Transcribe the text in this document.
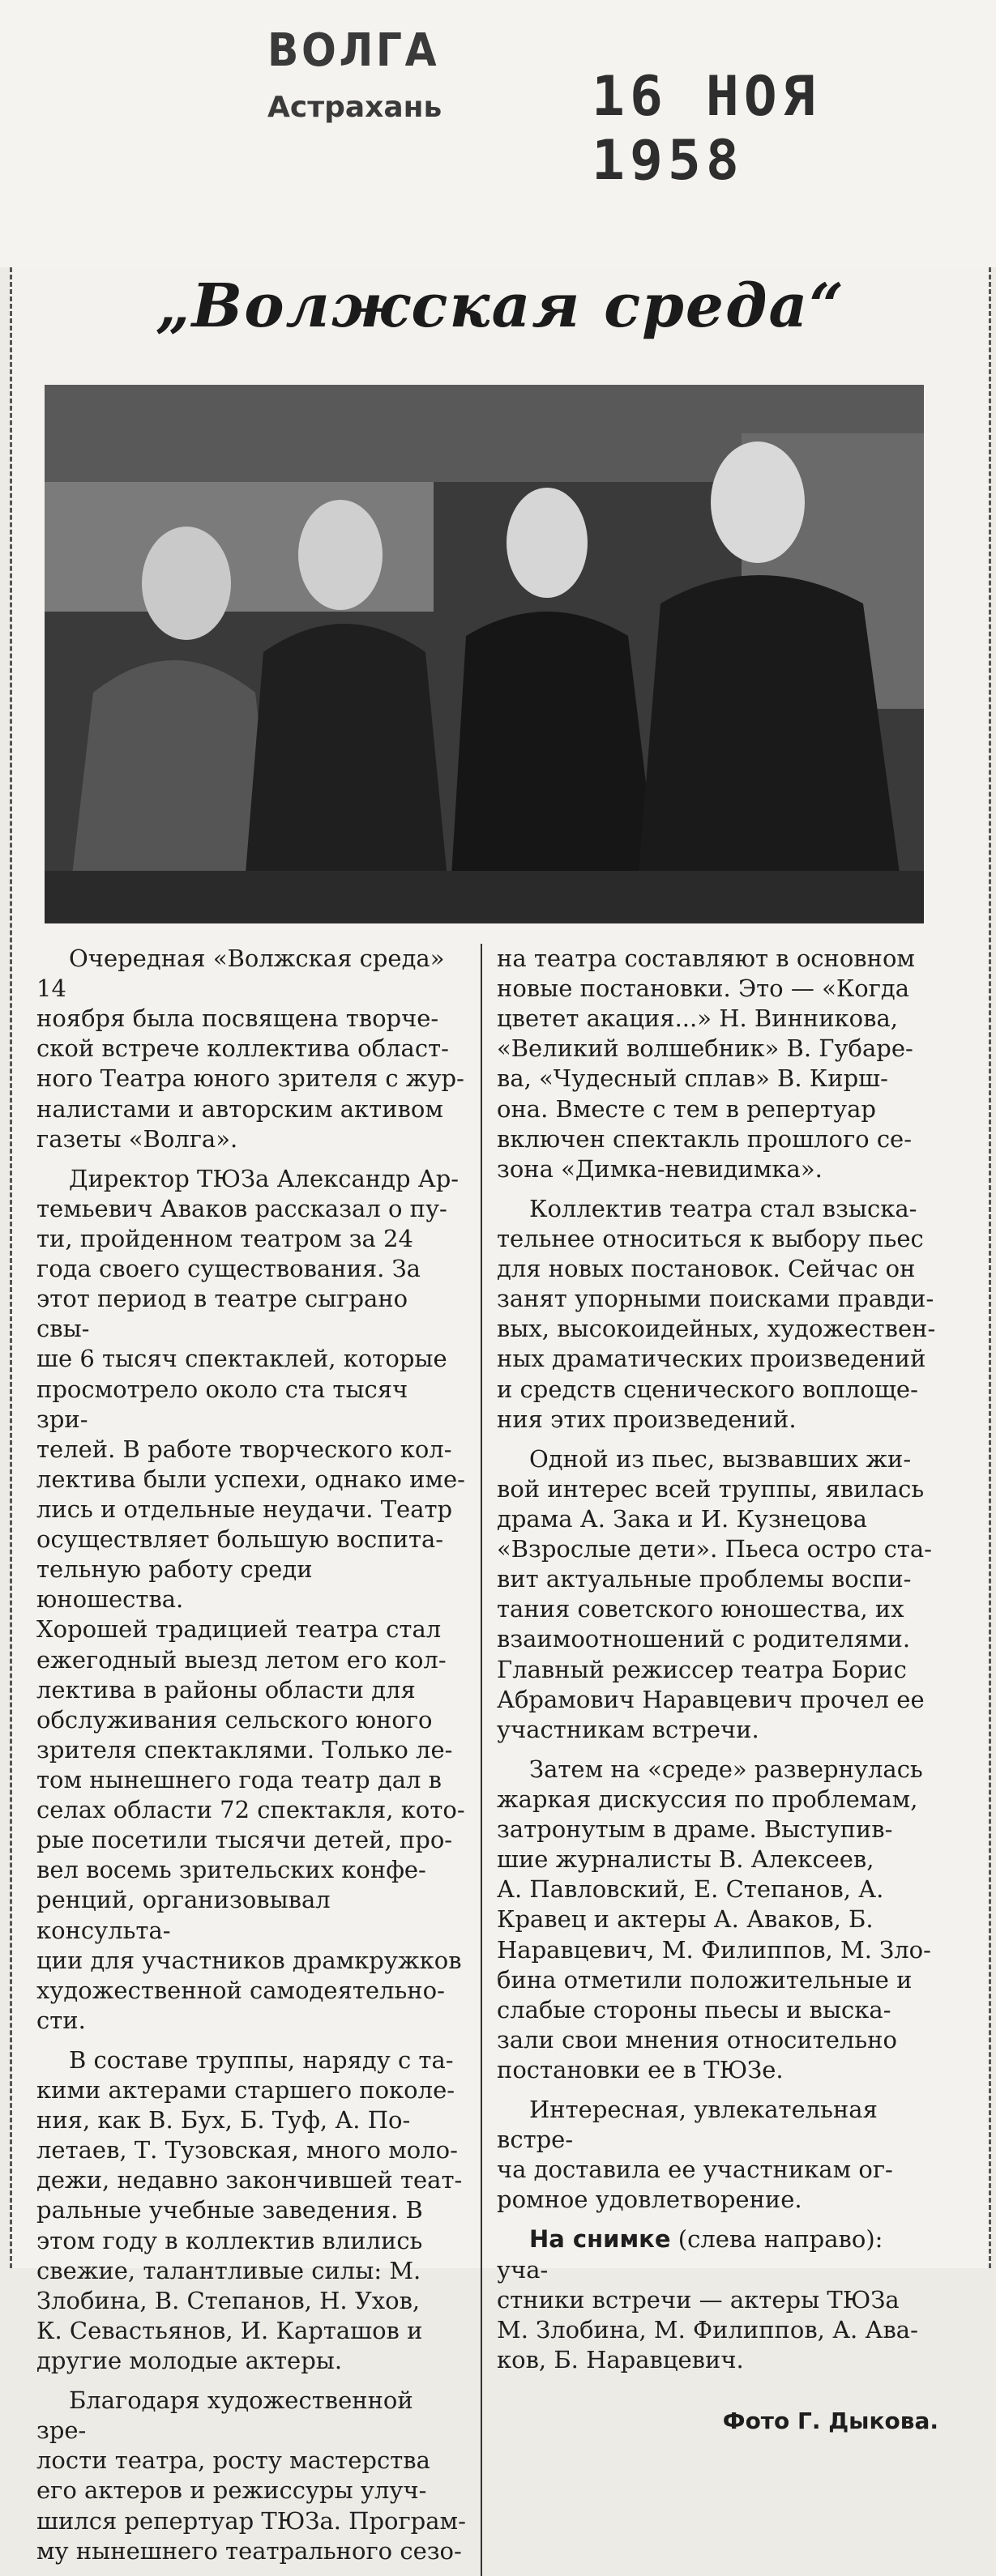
ВОЛГА
Астрахань	16 НОЯ 1958
„Волжская среда“

Очередная «Волжская среда» 14
ноября была посвящена творче-
ской встрече коллектива област-
ного Театра юного зрителя с жур-
налистами и авторским активом
газеты «Волга».

Директор ТЮЗа Александр Ар-
темьевич Аваков рассказал о пу-
ти, пройденном театром за 24
года своего существования. За
этот период в театре сыграно свы-
ше 6 тысяч спектаклей, которые
просмотрело около ста тысяч зри-
телей. В работе творческого кол-
лектива были успехи, однако име-
лись и отдельные неудачи. Театр
осуществляет большую воспита-
тельную работу среди юношества.
Хорошей традицией театра стал
ежегодный выезд летом его кол-
лектива в районы области для
обслуживания сельского юного
зрителя спектаклями. Только ле-
том нынешнего года театр дал в
селах области 72 спектакля, кото-
рые посетили тысячи детей, про-
вел восемь зрительских конфе-
ренций, организовывал консульта-
ции для участников драмкружков
художественной самодеятельно-
сти.

В составе труппы, наряду с та-
кими актерами старшего поколе-
ния, как В. Бух, Б. Туф, А. По-
летаев, Т. Тузовская, много моло-
дежи, недавно закончившей теат-
ральные учебные заведения. В
этом году в коллектив влились
свежие, талантливые силы: М.
Злобина, В. Степанов, Н. Ухов,
К. Севастьянов, И. Карташов и
другие молодые актеры.

Благодаря художественной зре-
лости театра, росту мастерства
его актеров и режиссуры улуч-
шился репертуар ТЮЗа. Програм-
му нынешнего театрального сезо-

на театра составляют в основном
новые постановки. Это — «Когда
цветет акация...» Н. Винникова,
«Великий волшебник» В. Губаре-
ва, «Чудесный сплав» В. Кирш-
она. Вместе с тем в репертуар
включен спектакль прошлого се-
зона «Димка-невидимка».

Коллектив театра стал взыска-
тельнее относиться к выбору пьес
для новых постановок. Сейчас он
занят упорными поисками правди-
вых, высокоидейных, художествен-
ных драматических произведений
и средств сценического воплоще-
ния этих произведений.

Одной из пьес, вызвавших жи-
вой интерес всей труппы, явилась
драма А. Зака и И. Кузнецова
«Взрослые дети». Пьеса остро ста-
вит актуальные проблемы воспи-
тания советского юношества, их
взаимоотношений с родителями.
Главный режиссер театра Борис
Абрамович Наравцевич прочел ее
участникам встречи.

Затем на «среде» развернулась
жаркая дискуссия по проблемам,
затронутым в драме. Выступив-
шие журналисты В. Алексеев,
А. Павловский, Е. Степанов, А.
Кравец и актеры А. Аваков, Б.
Наравцевич, М. Филиппов, М. Зло-
бина отметили положительные и
слабые стороны пьесы и выска-
зали свои мнения относительно
постановки ее в ТЮЗе.

Интересная, увлекательная встре-
ча доставила ее участникам ог-
ромное удовлетворение.

На снимке (слева направо): уча-
стники встречи — актеры ТЮЗа
М. Злобина, М. Филиппов, А. Ава-
ков, Б. Наравцевич.

Фото Г. Дыкова.
